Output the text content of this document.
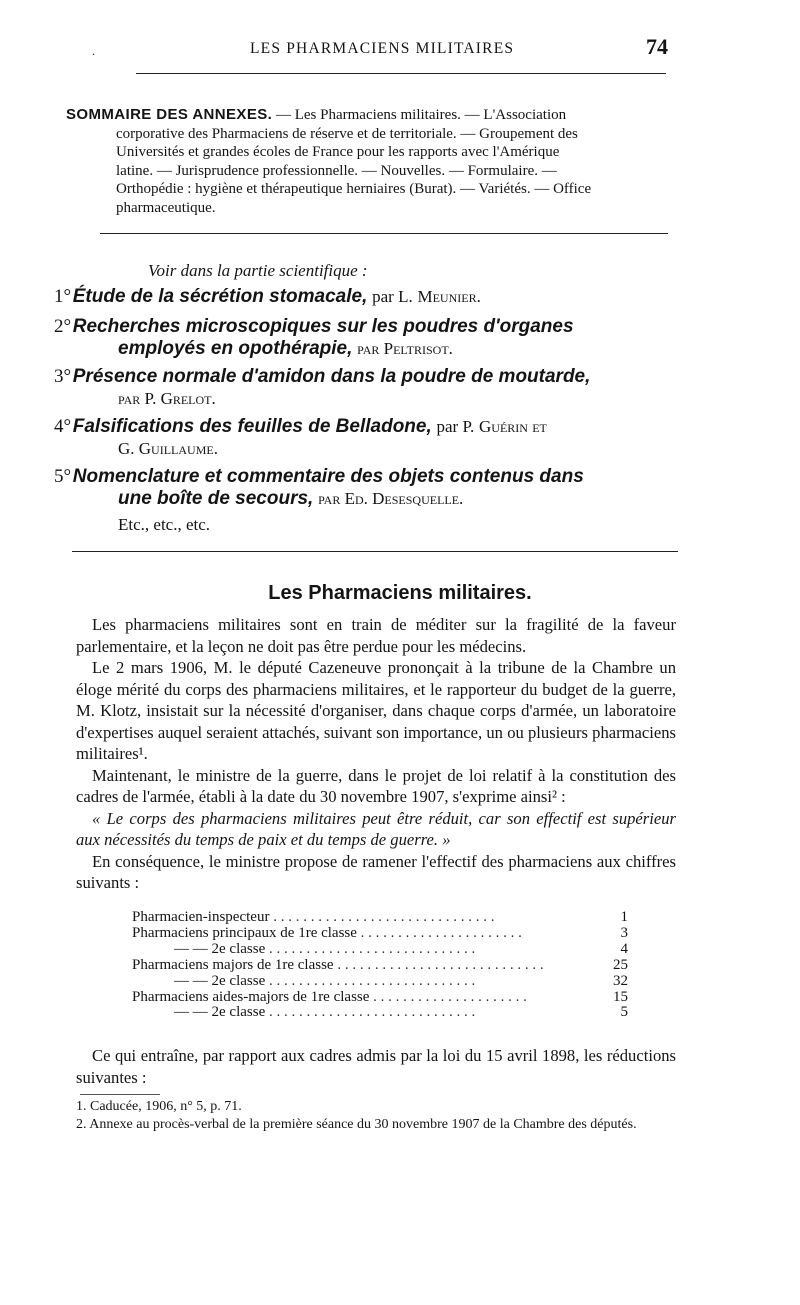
.	LES PHARMACIENS MILITAIRES	74
SOMMAIRE DES ANNEXES. — Les Pharmaciens militaires. — L'Association
corporative des Pharmaciens de réserve et de territoriale. — Groupement des
Universités et grandes écoles de France pour les rapports avec l'Amérique
latine. — Jurisprudence professionnelle. — Nouvelles. — Formulaire. —
Orthopédie : hygiène et thérapeutique herniaires (Burat). — Variétés. — Office
pharmaceutique.
Voir dans la partie scientifique :
1° Étude de la sécrétion stomacale, par L. Meunier.
2° Recherches microscopiques sur les poudres d'organes
employés en opothérapie, par Peltrisot.
3° Présence normale d'amidon dans la poudre de moutarde,
par P. Grelot.
4° Falsifications des feuilles de Belladone, par P. Guérin et
G. Guillaume.
5° Nomenclature et commentaire des objets contenus dans
une boîte de secours, par Ed. Desesquelle.
Etc., etc., etc.
Les Pharmaciens militaires.

Les pharmaciens militaires sont en train de méditer sur la fragilité de la faveur parlementaire, et la leçon ne doit pas être perdue pour les médecins.

Le 2 mars 1906, M. le député Cazeneuve prononçait à la tribune de la Chambre un éloge mérité du corps des pharmaciens militaires, et le rapporteur du budget de la guerre, M. Klotz, insistait sur la nécessité d'organiser, dans chaque corps d'armée, un laboratoire d'expertises auquel seraient attachés, suivant son importance, un ou plusieurs pharmaciens militaires¹.

Maintenant, le ministre de la guerre, dans le projet de loi relatif à la constitution des cadres de l'armée, établi à la date du 30 novembre 1907, s'exprime ainsi² :

« Le corps des pharmaciens militaires peut être réduit, car son effectif est supérieur aux nécessités du temps de paix et du temps de guerre. »

En conséquence, le ministre propose de ramener l'effectif des pharmaciens aux chiffres suivants :

Pharmacien-inspecteur . . . . . . . . . . . . . . . . . . . . . . . . . . . . . .	1
Pharmaciens principaux de 1re classe . . . . . . . . . . . . . . . . . . . . . .	3
— — 2e classe . . . . . . . . . . . . . . . . . . . . . . . . . . . .	4
Pharmaciens majors de 1re classe . . . . . . . . . . . . . . . . . . . . . . . . . . . .	25
— — 2e classe . . . . . . . . . . . . . . . . . . . . . . . . . . . .	32
Pharmaciens aides-majors de 1re classe . . . . . . . . . . . . . . . . . . . . .	15
— — 2e classe . . . . . . . . . . . . . . . . . . . . . . . . . . . .	5

Ce qui entraîne, par rapport aux cadres admis par la loi du 15 avril 1898, les réductions suivantes :

1. Caducée, 1906, n° 5, p. 71.

2. Annexe au procès-verbal de la première séance du 30 novembre 1907 de la Chambre des députés.
